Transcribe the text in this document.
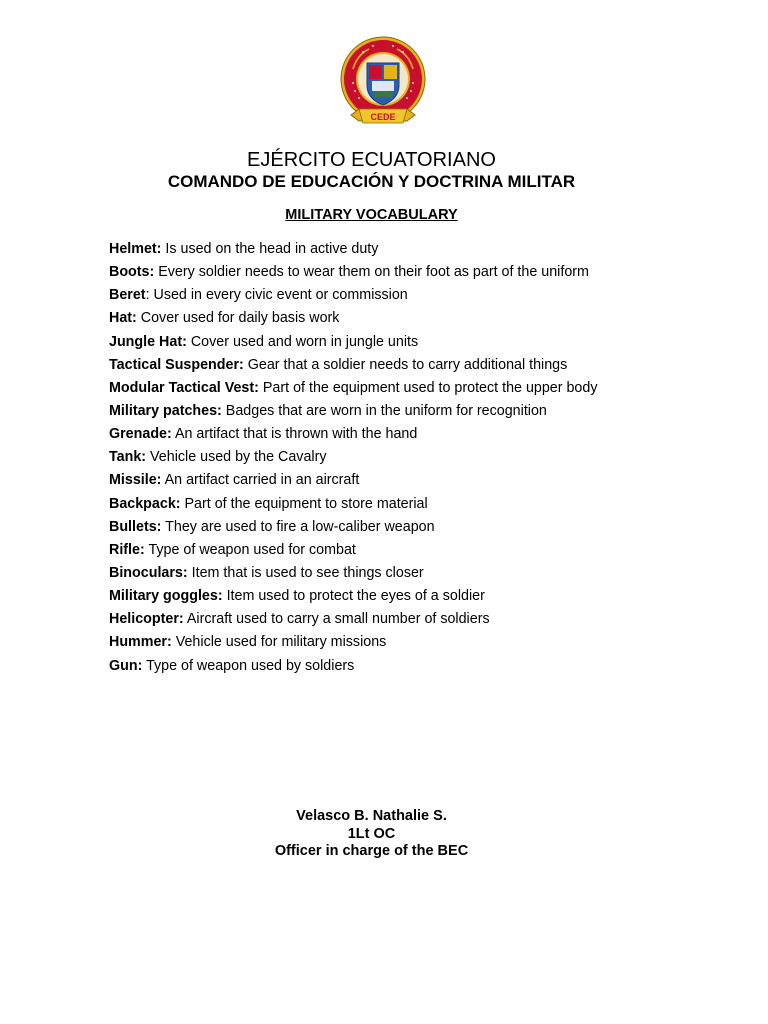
CEDE
EJÉRCITO ECUATORIANO
COMANDO DE EDUCACIÓN Y DOCTRINA MILITAR
MILITARY VOCABULARY
Helmet: Is used on the head in active duty
Boots: Every soldier needs to wear them on their foot as part of the uniform
Beret: Used in every civic event or commission
Hat: Cover used for daily basis work
Jungle Hat: Cover used and worn in jungle units
Tactical Suspender: Gear that a soldier needs to carry additional things
Modular Tactical Vest: Part of the equipment used to protect the upper body
Military patches: Badges that are worn in the uniform for recognition
Grenade: An artifact that is thrown with the hand
Tank: Vehicle used by the Cavalry
Missile: An artifact carried in an aircraft
Backpack: Part of the equipment to store material
Bullets: They are used to fire a low-caliber weapon
Rifle: Type of weapon used for combat
Binoculars: Item that is used to see things closer
Military goggles: Item used to protect the eyes of a soldier
Helicopter: Aircraft used to carry a small number of soldiers
Hummer: Vehicle used for military missions
Gun: Type of weapon used by soldiers
Velasco B. Nathalie S.
1Lt OC
Officer in charge of the BEC
